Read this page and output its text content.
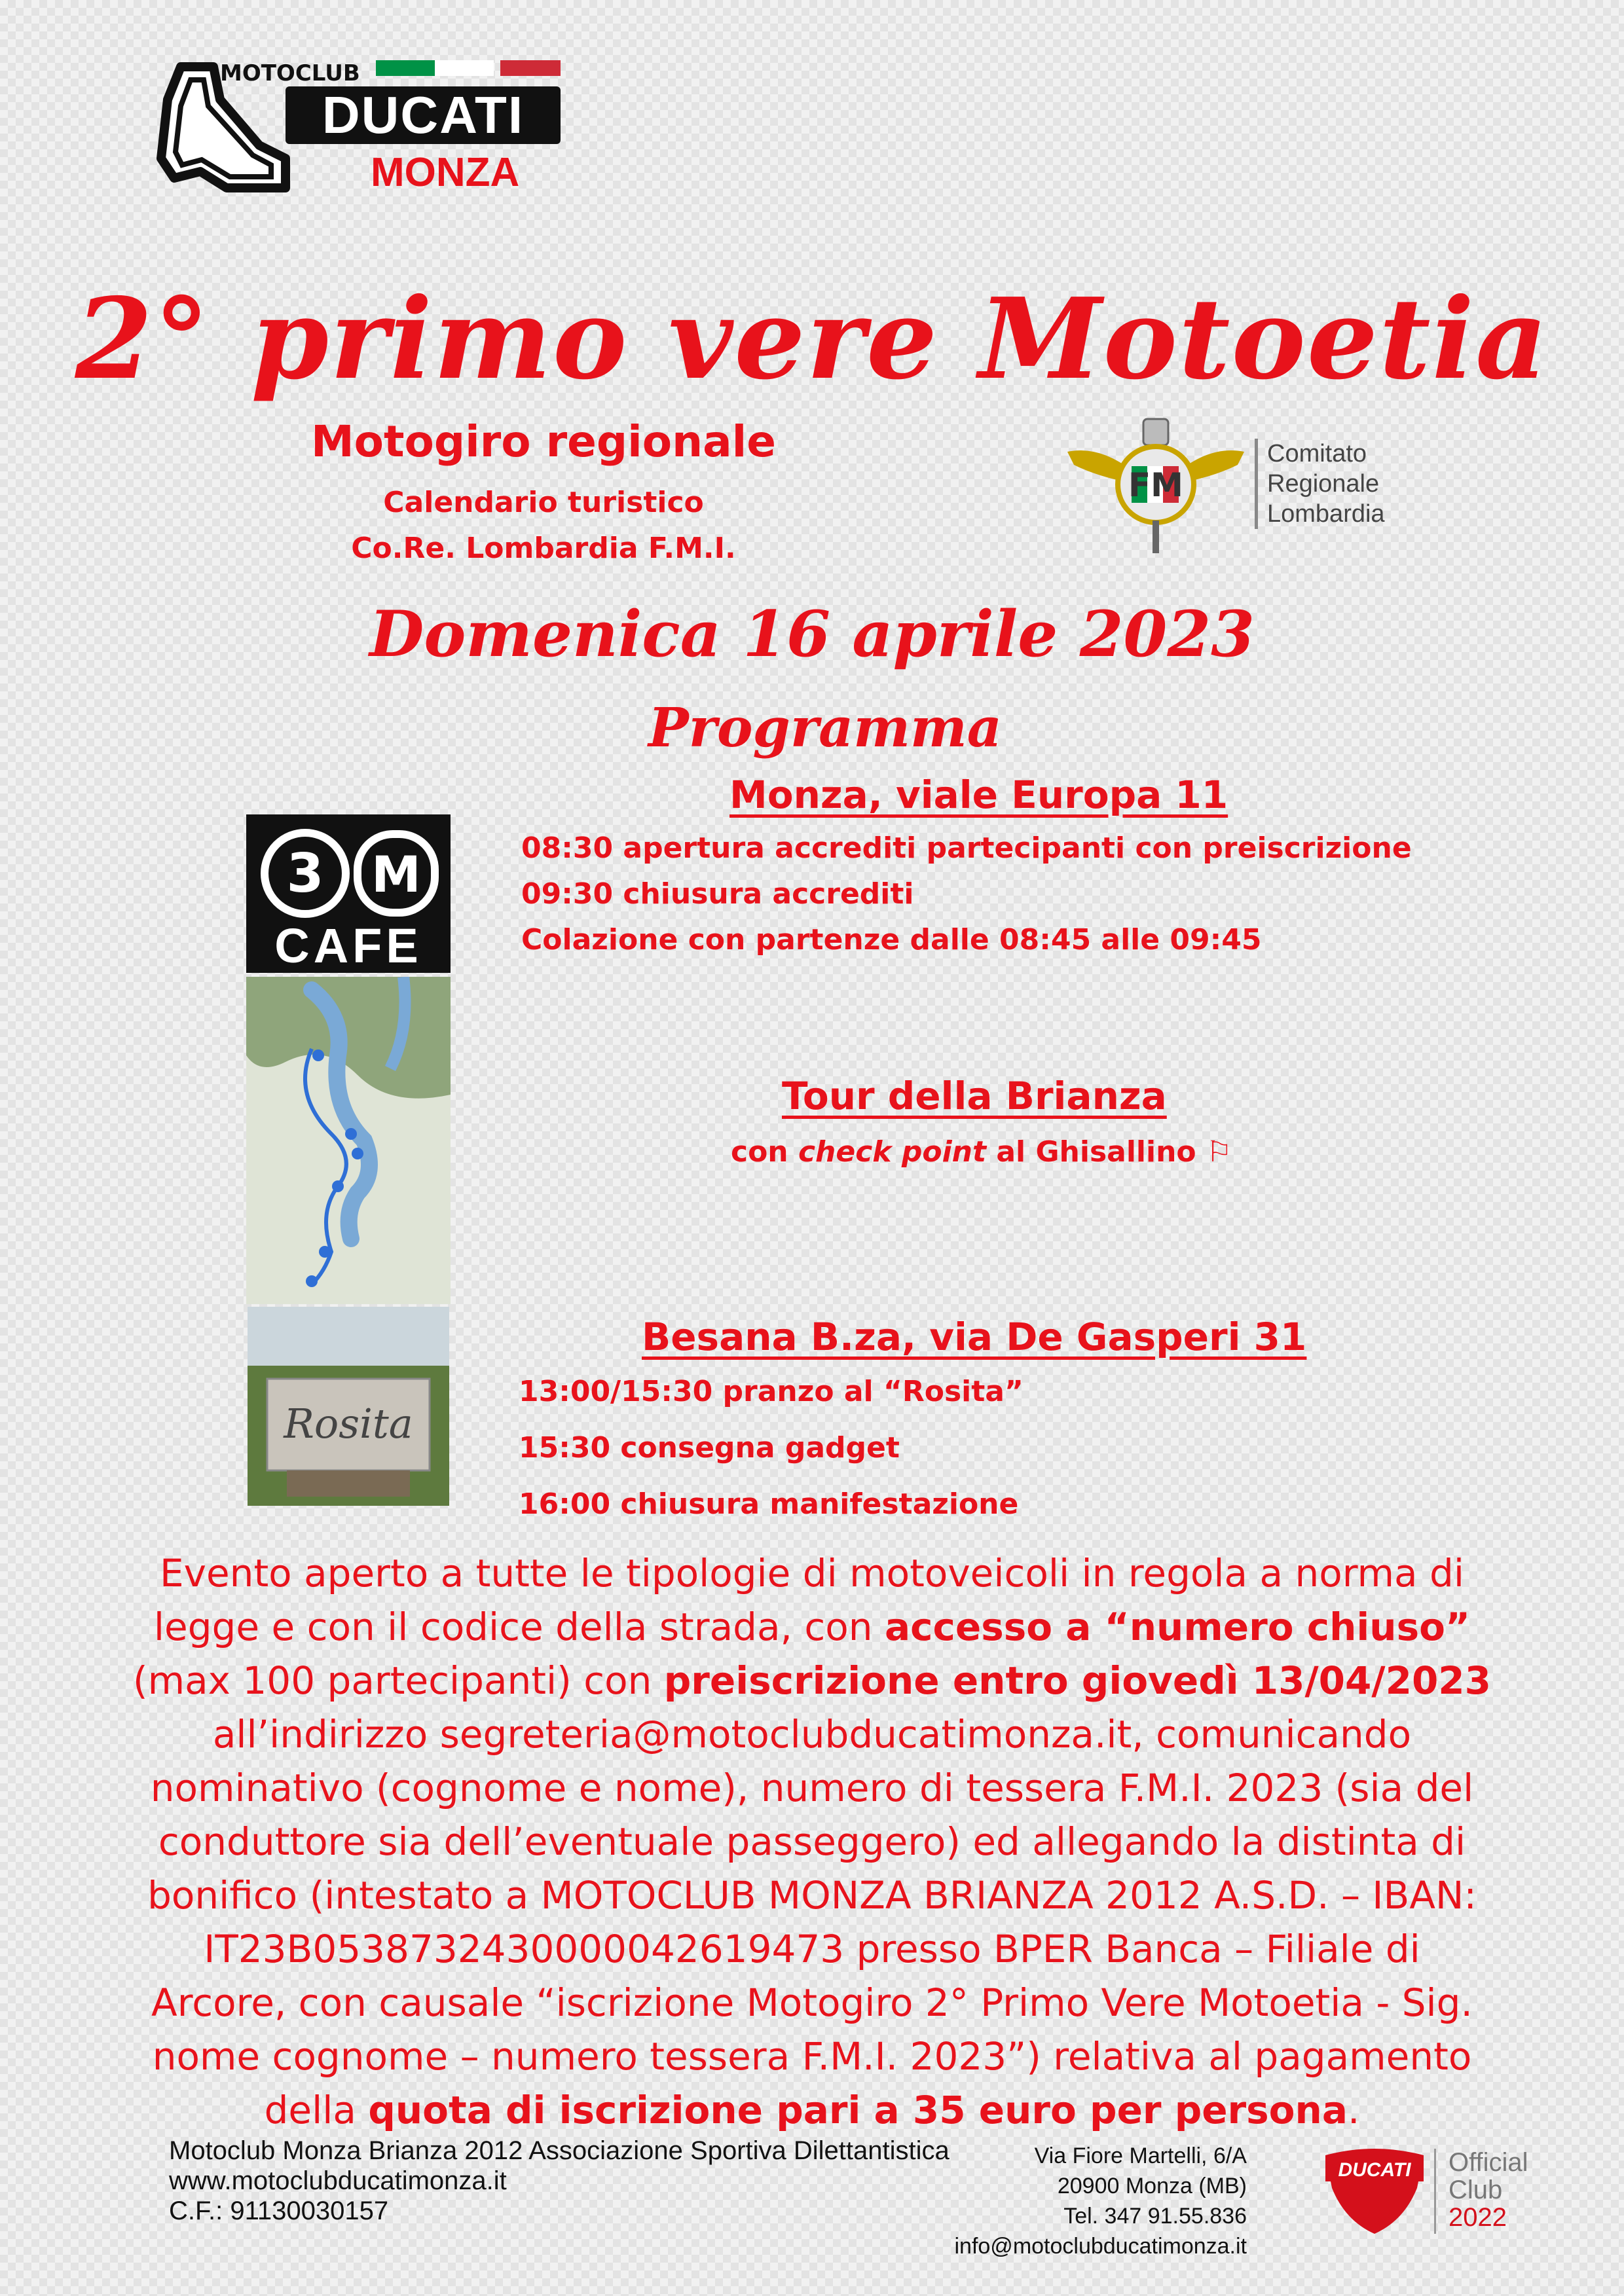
MOTOCLUB
DUCATI
MONZA
2° primo vere Motoetia
Motogiro regionale
Calendario turistico
Co.Re. Lombardia F.M.I.
FM
Comitato
Regionale
Lombardia
Domenica 16 aprile 2023
Programma
Monza, viale Europa 11
08:30 apertura accrediti partecipanti con preiscrizione
09:30 chiusura accrediti
Colazione con partenze dalle 08:45 alle 09:45
Tour della Brianza
con check point al Ghisallino ⚐
Besana B.za, via De Gasperi 31
13:00/15:30 pranzo al “Rosita”
15:30 consegna gadget
16:00 chiusura manifestazione
3 M
CAFE
Rosita
Evento aperto a tutte le tipologie di motoveicoli in regola a norma di legge e con il codice della strada, con accesso a “numero chiuso” (max 100 partecipanti) con preiscrizione entro giovedì 13/04/2023 all’indirizzo segreteria@motoclubducatimonza.it, comunicando nominativo (cognome e nome), numero di tessera F.M.I. 2023 (sia del conduttore sia dell’eventuale passeggero) ed allegando la distinta di bonifico (intestato a MOTOCLUB MONZA BRIANZA 2012 A.S.D. – IBAN: IT23B0538732430000042619473 presso BPER Banca – Filiale di Arcore, con causale “iscrizione Motogiro 2° Primo Vere Motoetia - Sig. nome cognome – numero tessera F.M.I. 2023”) relativa al pagamento della quota di iscrizione pari a 35 euro per persona.
Motoclub Monza Brianza 2012 Associazione Sportiva Dilettantistica
www.motoclubducatimonza.it
C.F.: 91130030157
Via Fiore Martelli, 6/A
20900 Monza (MB)
Tel. 347 91.55.836
info@motoclubducatimonza.it
DUCATI Official
Club
2022
